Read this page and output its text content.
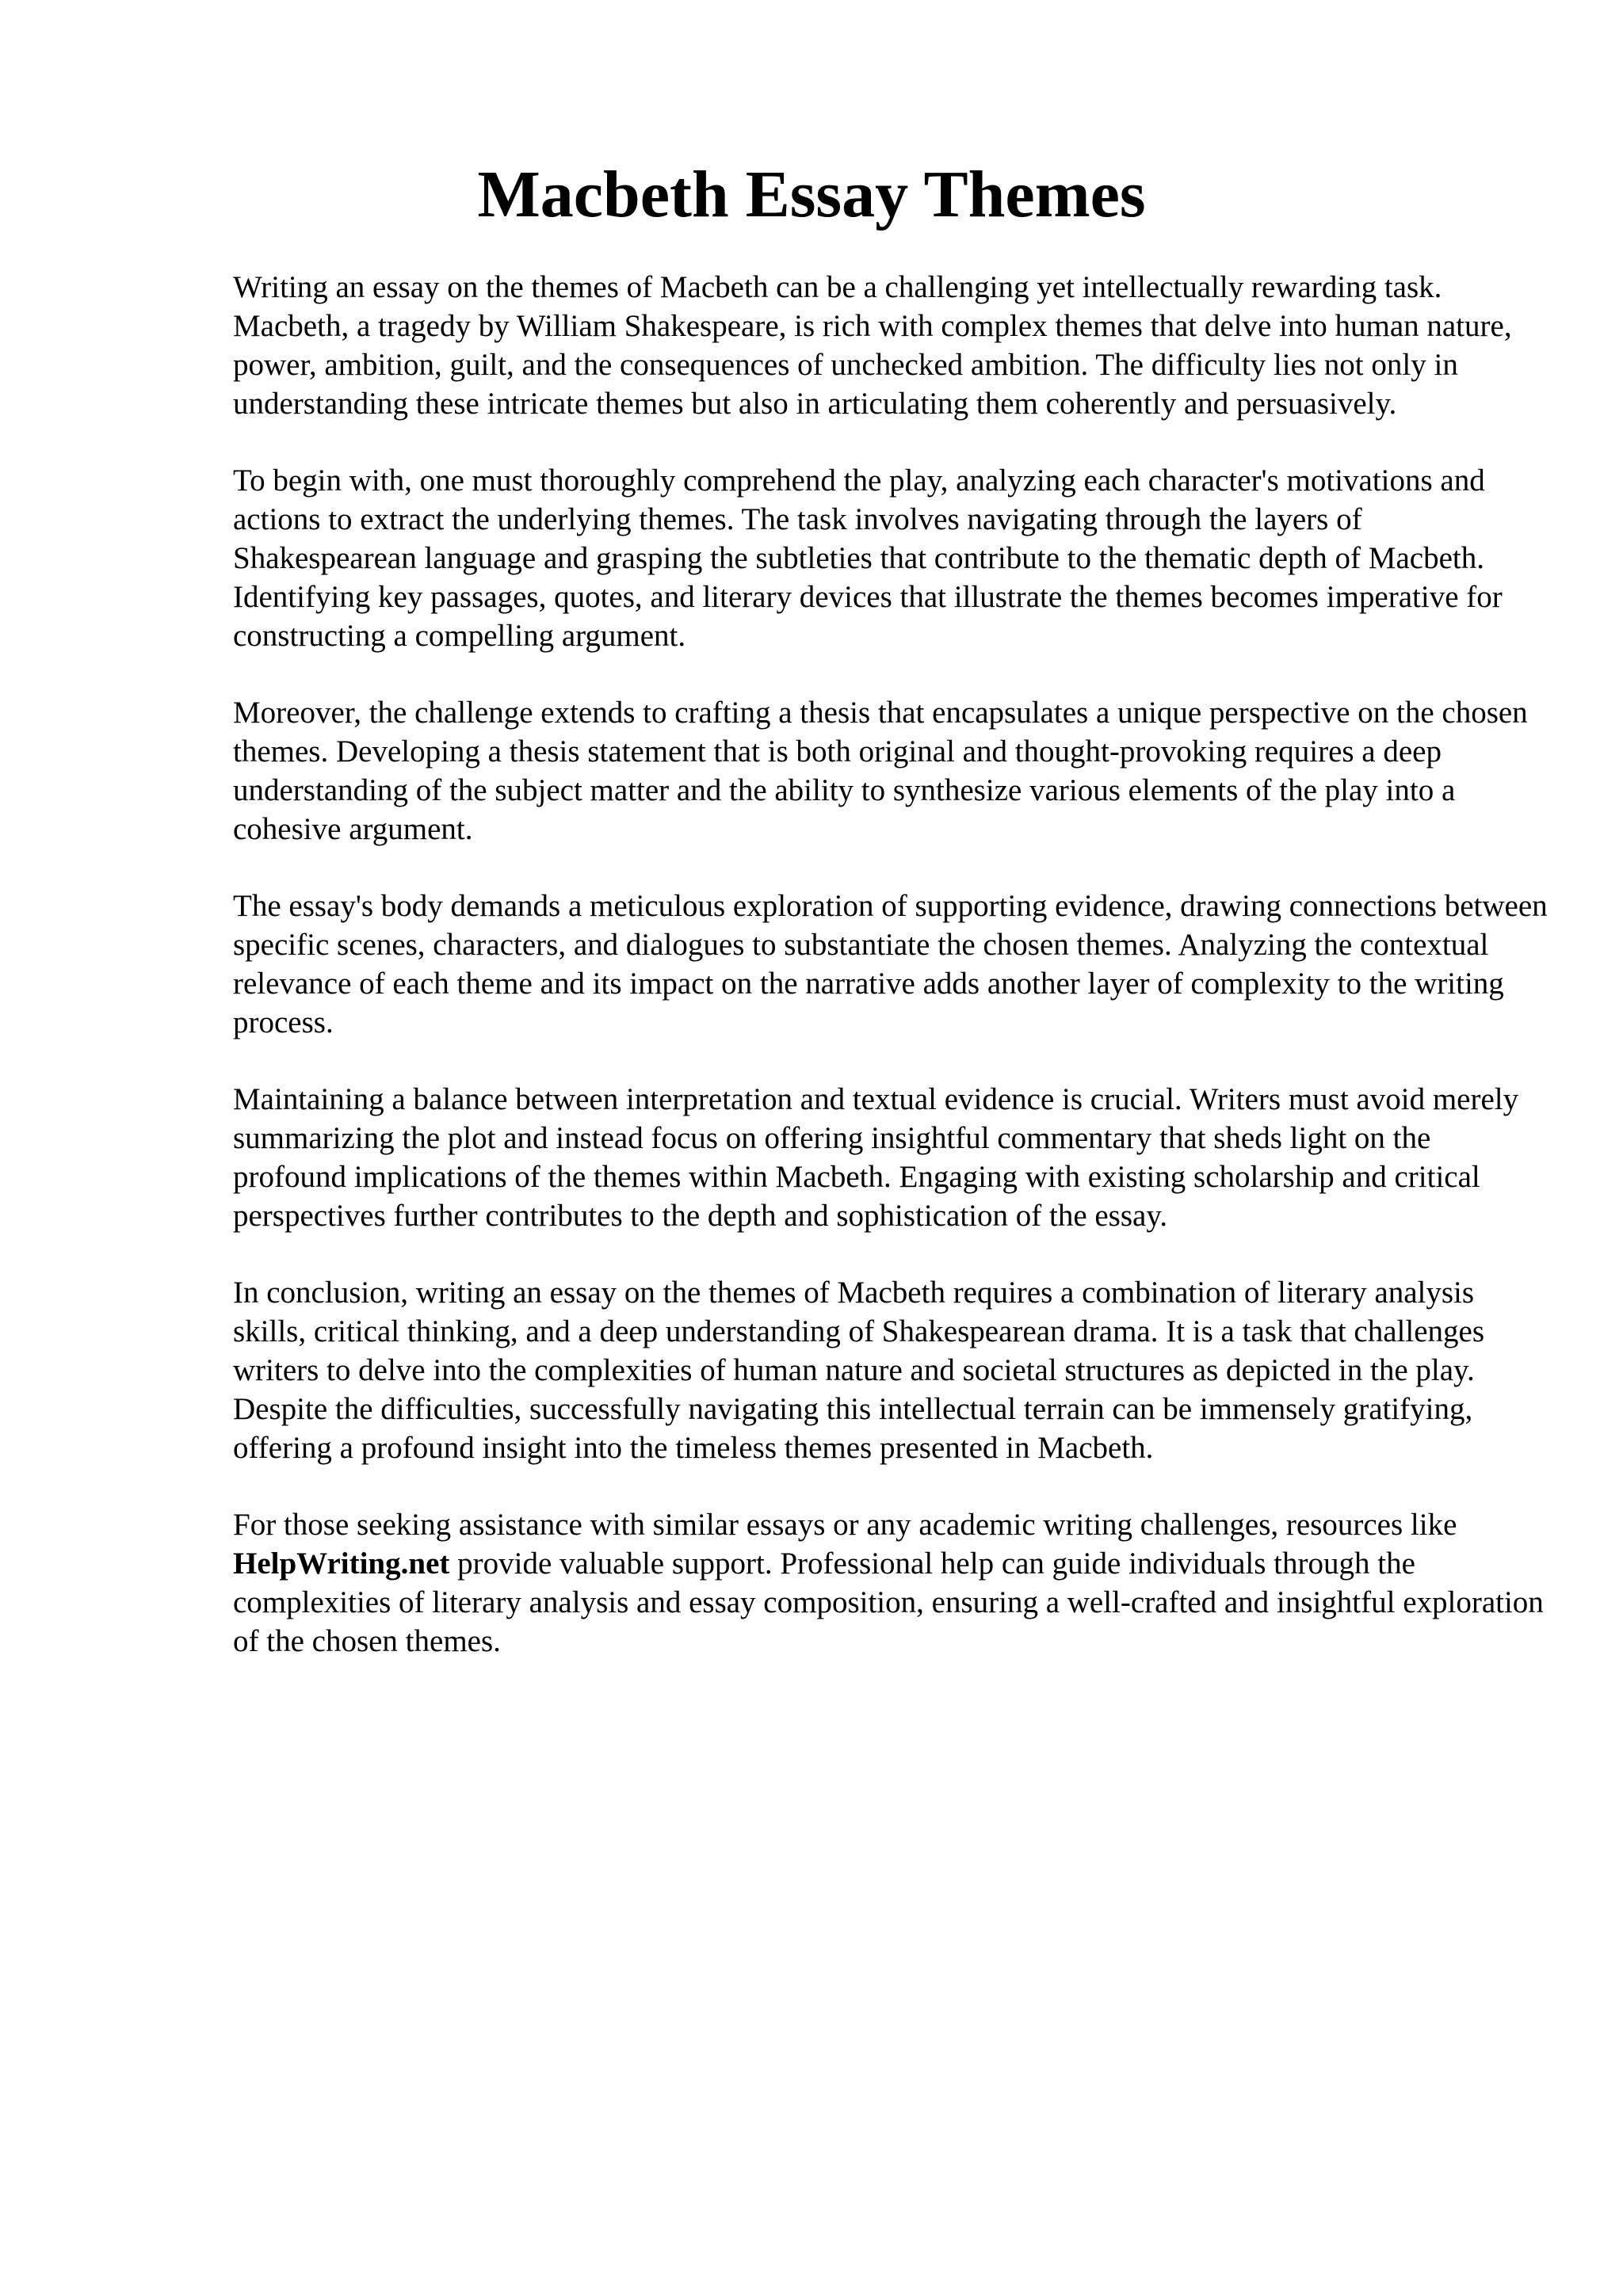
Macbeth Essay Themes

Writing an essay on the themes of Macbeth can be a challenging yet intellectually rewarding task. Macbeth, a tragedy by William Shakespeare, is rich with complex themes that delve into human nature, power, ambition, guilt, and the consequences of unchecked ambition. The difficulty lies not only in understanding these intricate themes but also in articulating them coherently and persuasively.

To begin with, one must thoroughly comprehend the play, analyzing each character's motivations and actions to extract the underlying themes. The task involves navigating through the layers of Shakespearean language and grasping the subtleties that contribute to the thematic depth of Macbeth. Identifying key passages, quotes, and literary devices that illustrate the themes becomes imperative for constructing a compelling argument.

Moreover, the challenge extends to crafting a thesis that encapsulates a unique perspective on the chosen themes. Developing a thesis statement that is both original and thought-provoking requires a deep understanding of the subject matter and the ability to synthesize various elements of the play into a cohesive argument.

The essay's body demands a meticulous exploration of supporting evidence, drawing connections between specific scenes, characters, and dialogues to substantiate the chosen themes. Analyzing the contextual relevance of each theme and its impact on the narrative adds another layer of complexity to the writing process.

Maintaining a balance between interpretation and textual evidence is crucial. Writers must avoid merely summarizing the plot and instead focus on offering insightful commentary that sheds light on the profound implications of the themes within Macbeth. Engaging with existing scholarship and critical perspectives further contributes to the depth and sophistication of the essay.

In conclusion, writing an essay on the themes of Macbeth requires a combination of literary analysis skills, critical thinking, and a deep understanding of Shakespearean drama. It is a task that challenges writers to delve into the complexities of human nature and societal structures as depicted in the play. Despite the difficulties, successfully navigating this intellectual terrain can be immensely gratifying, offering a profound insight into the timeless themes presented in Macbeth.

For those seeking assistance with similar essays or any academic writing challenges, resources like HelpWriting.net provide valuable support. Professional help can guide individuals through the complexities of literary analysis and essay composition, ensuring a well-crafted and insightful exploration of the chosen themes.
